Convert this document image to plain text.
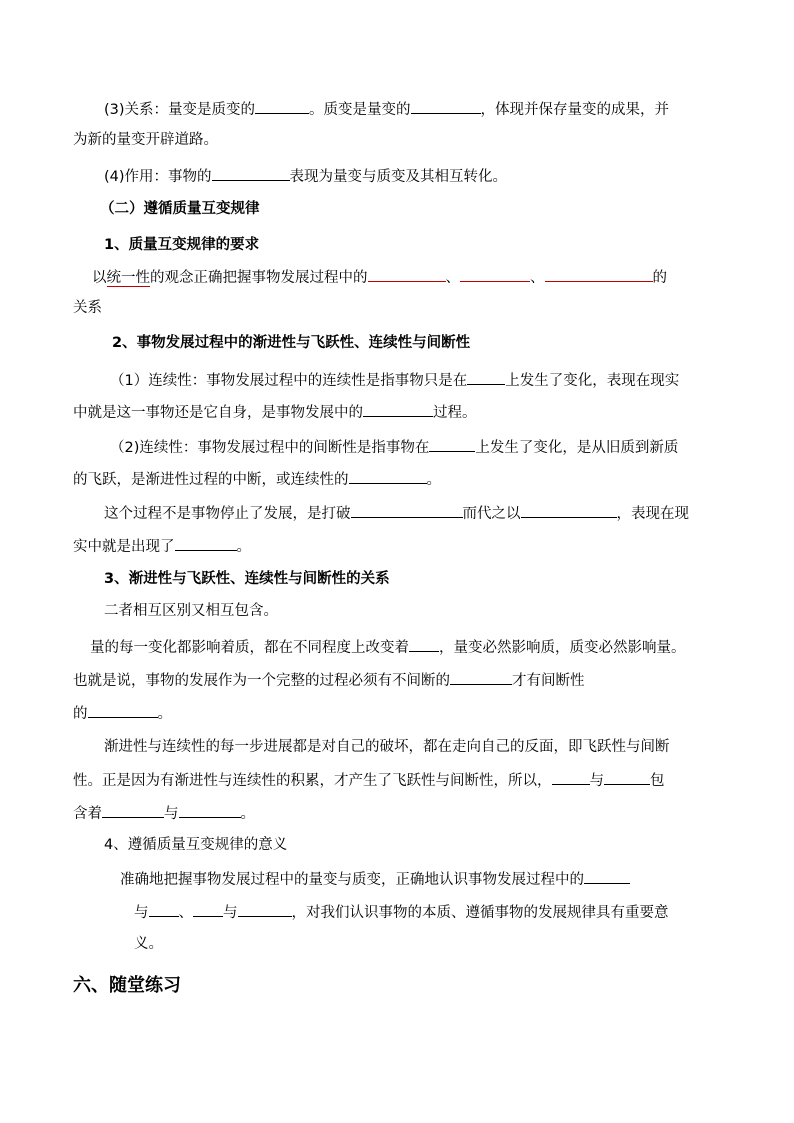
(3)关系：量变是质变的	。质变是量变的	，体现并保存量变的成果，并
为新的量变开辟道路。
(4)作用：事物的	表现为量变与质变及其相互转化。
（二）遵循质量互变规律
1、质量互变规律的要求
以统一性的观念正确把握事物发展过程中的	、	、	的
关系
2、事物发展过程中的渐进性与飞跃性、连续性与间断性
（1）连续性：事物发展过程中的连续性是指事物只是在	上发生了变化，表现在现实
中就是这一事物还是它自身，是事物发展中的	过程。
（2)连续性：事物发展过程中的间断性是指事物在	上发生了变化，是从旧质到新质
的飞跃，是渐进性过程的中断，或连续性的	。
这个过程不是事物停止了发展，是打破	而代之以	，表现在现
实中就是出现了	。
3、渐进性与飞跃性、连续性与间断性的关系
二者相互区别又相互包含。
量的每一变化都影响着质，都在不同程度上改变着 ，量变必然影响质，质变必然影响量。
也就是说，事物的发展作为一个完整的过程必须有不间断的	才有间断性
的	。
渐进性与连续性的每一步进展都是对自己的破坏，都在走向自己的反面，即飞跃性与间断
性。正是因为有渐进性与连续性的积累，才产生了飞跃性与间断性，所以，	与	包
含着	与	。
4、遵循质量互变规律的意义
准确地把握事物发展过程中的量变与质变，正确地认识事物发展过程中的
与 、 与	，对我们认识事物的本质、遵循事物的发展规律具有重要意
义。
六、随堂练习
